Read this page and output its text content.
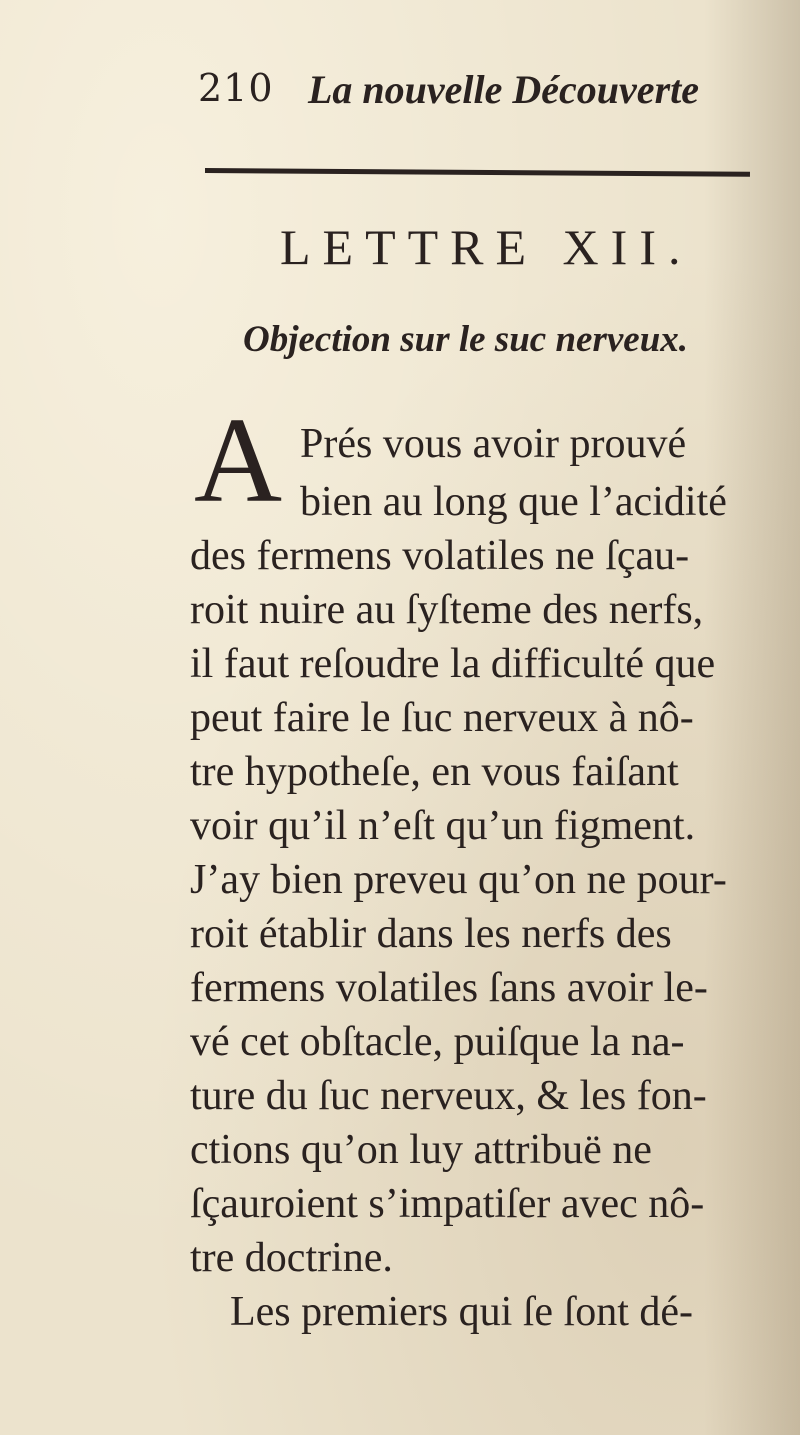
210 La nouvelle Découverte
LETTRE XII.
Objection sur le suc nerveux.
A Prés vous avoir prouvé
bien au long que l’acidité
des fermens volatiles ne ſçau-
roit nuire au ſyſteme des nerfs,
il faut reſoudre la difficulté que
peut faire le ſuc nerveux à nô-
tre hypotheſe, en vous faiſant
voir qu’il n’eſt qu’un figment.
J’ay bien preveu qu’on ne pour-
roit établir dans les nerfs des
fermens volatiles ſans avoir le-
vé cet obſtacle, puiſque la na-
ture du ſuc nerveux, & les fon-
ctions qu’on luy attribuë ne
ſçauroient s’impatiſer avec nô-
tre doctrine.
Les premiers qui ſe ſont dé-
